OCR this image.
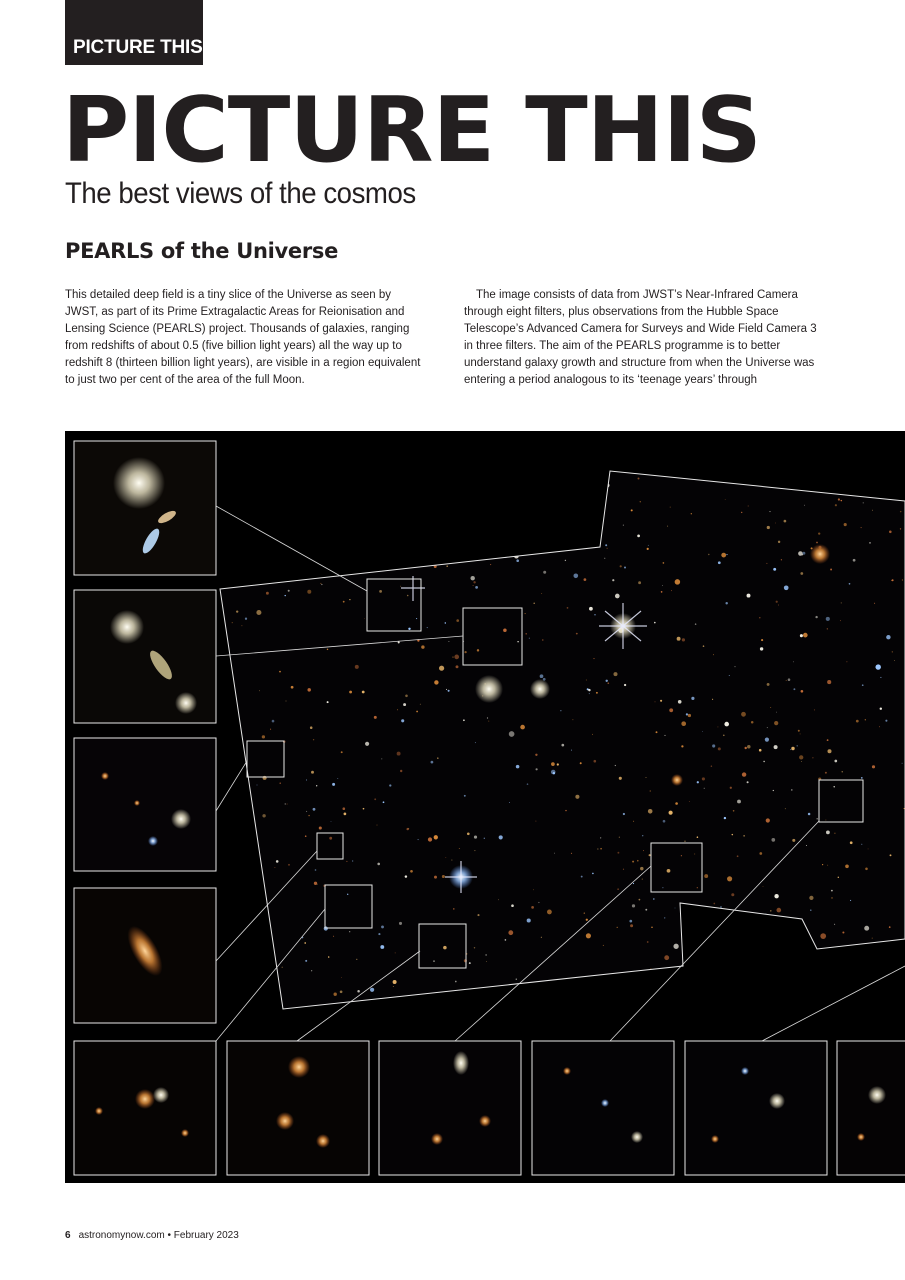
PICTURE THIS
PICTURE THIS
The best views of the cosmos
PEARLS of the Universe

This detailed deep field is a tiny slice of the Universe as seen by JWST, as part of its Prime Extragalactic Areas for Reionisation and Lensing Science (PEARLS) project. Thousands of galaxies, ranging from redshifts of about 0.5 (five billion light years) all the way up to redshift 8 (thirteen billion light years), are visible in a region equivalent to just two per cent of the area of the full Moon.

The image consists of data from JWST’s Near-Infrared Camera through eight filters, plus observations from the Hubble Space Telescope’s Advanced Camera for Surveys and Wide Field Camera 3 in three filters. The aim of the PEARLS programme is to better understand galaxy growth and structure from when the Universe was entering a period analogous to its ‘teenage years’ through

6 astronomynow.com • February 2023
